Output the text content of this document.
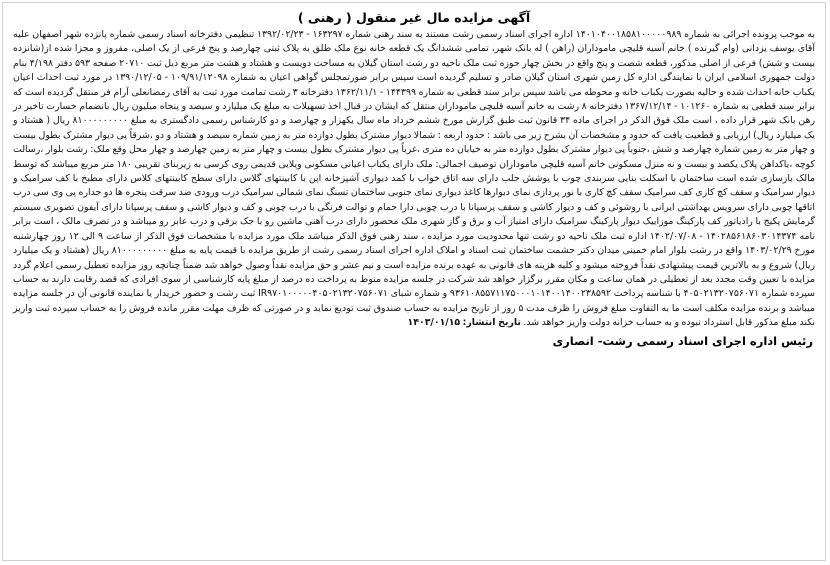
آگهی مزایده مال غیر منقول ( رهنی )
به موجب پرونده اجرائی به شماره ۱۴۰۱۰۴۰۰۱۸۵۸۱۰۰۰۰۰۹۸۹ اداره اجرای اسناد رسمی رشت مستند به سند رهنی شماره ۱۶۳۲۹۷ - ۱۳۹۲/۰۲/۲۳ تنظیمی دفترخانه اسناد رسمی شماره پانزده شهر اصفهان علیه آقای یوسف یزدانی (وام گیرنده ) خانم آسیه قلیچی ماموداران (راهن ) له بانک شهر، تمامی ششدانگ یک قطعه خانه نوع ملک طلق به پلاک ثبتی چهارصد و پنج فرعی از یک اصلی، مفروز و مجزا شده از(شانزده بیست و شش) فرعی از اصلی مذکور، قطعه شصت و پنج واقع در بخش چهار حوزه ثبت ملک ناحیه دو رشت استان گیلان به مساحت دویست و هشتاد و هشت متر مربع ذیل ثبت ۲۰۷۱۰ صفحه ۵۹۳ دفتر ۴/۱۹۸ بنام دولت جمهوری اسلامی ایران با نمایندگی اداره کل زمین شهری استان گیلان صادر و تسلیم گردیده است سپس برابر صورتمجلس گواهی اعیان به شماره ۱۰۹/۹۱/۱۲۰۹۸ - ۱۳۹۰/۱۲/۰۵ در مورد ثبت احداث اعیان یکباب خانه احداث شده و حالیه بصورت یکباب خانه و محوطه می باشد سپس برابر سند قطعی به شماره ۱۴۴۳۹۹ - ۱۳۶۲/۱۱/۱ دفترخانه ۳ رشت تمامت مورد ثبت به آقای رمضانعلی آرام فر منتقل گردیده است که برابر سند قطعی به شماره ۱۰۱۲۶۰ - ۱۳۶۷/۱۲/۱۴ دفترخانه ۸ رشت به خانم آسیه قلیچی ماموداران منتقل که ایشان در قبال اخذ تسهیلات به مبلغ یک میلیارد و سیصد و پنجاه میلیون ریال بانضمام خسارت تاخیر در رهن بانک شهر قرار داده ، است ملک فوق الذکر در اجرای ماده ۳۴ قانون ثبت طبق گزارش مورخ ششم خرداد ماه سال یکهزار و چهارصد و دو کارشناس رسمی دادگستری به مبلغ ۸۱۰۰۰۰۰۰۰۰۰ ریال ( هشتاد و یک میلیارد ریال) ارزیابی و قطعیت یافت که حدود و مشخصات آن بشرح زیر می باشد : حدود اربعه : شمالا دیوار مشترک بطول دوازده متر به زمین شماره سیصد و هشتاد و دو ،شرقاً پی دیوار مشترک بطول بیست و چهار متر به زمین شماره چهارصد و شش ،جنوباً پی دیوار مشترک بطول دوازده متر به خیابان ده متری ،غرباً پی دیوار مشترک بطول بیست و چهار متر به زمین چهارصد و چهار محل وقع ملک: رشت بلوار ،رسالت کوچه ،یاکداهن پلاک یکصد و بیست و نه منزل مسکونی خانم آسیه قلیچی ماموداران توصیف اجمالی: ملک دارای یکباب اعیانی مسکونی ویلایی قدیمی روی کرسی به زیربنای تقریبی ۱۸۰ متر مربع میباشد که توسط مالک بازسازی شده است ساختمان با اسکلت بنایی سربندی چوب با پوشش حلب دارای سه اتاق خواب با کمد دیواری آشپزخانه اپن با کابینتهای گلاس دارای سطح کابینتهای کلاس دارای مطبخ با کف سرامیک و دیوار سرامیک و سقف کچ کاری کف سرامیک سقف کچ کاری با نور پردازی نمای دیوارها کاغذ دیواری نمای جنوبی ساختمان تسنگ نمای شمالی سرامیک درب ورودی ضد سرقت پنجره ها دو جداره پی وی سی درب اتاقها چوبی دارای سرویس بهداشتی ایرانی با روشوئی و کف و دیوار کاشی و سقف پرسپانا با درب چوبی دارا حمام و توالت فرنگی با درب چوبی و کف و دیوار کاشی و سقف پرسپانا دارای آیفون تصویری سیستم گرمایش پکیج با رادیاتور کف پارکینگ موزاییک دیوار پارکینگ سرامیک دارای امتیاز آب و برق و گاز شهری ملک محصور دارای درب آهنی ماشین رو با جک برقی و درب عابر رو میباشد و در تصرف مالک ، است برابر نامه ۱۴۰۲۸۵۶۱۸۶۰۳۰۱۴۳۷۴ - ۱۴۰۲/۰۷/۰۸ اداره ثبت ملک ناحیه دو رشت تنها محدودیت مورد مزایده ، سند رهنی فوق الذکر میباشد ملک مورد مزایده با مشخصات فوق الذکر از ساعت ۹ الی ۱۲ روز چهارشنبه مورخ ۱۴۰۳/۰۲/۲۹ واقع در رشت بلوار امام خمینی میدان دکتر حشمت ساختمان ثبت اسناد و املاک اداره اجرای اسناد رسمی رشت از طریق مزایده با قیمت پایه به مبلغ ۸۱۰۰۰۰۰۰۰۰۰ ریال (هشتاد و یک میلیارد ریال) شروع و به بالاترین قیمت پیشنهادی نقداً فروخته میشود و کلیه هزینه های قانونی به عهده برنده مزایده است و نیم عشر و حق مزایده نقداً وصول خواهد شد ضمناً چنانچه روز مزایده تعطیل رسمی اعلام گردد مزایده با تعیین وقت مجدد بعد از تعطیلی در همان ساعت و مکان مقرر برگزار خواهد شد شرکت در جلسه مزایده منوط به پرداخت ده درصد از مبلغ پایه کارشناسی از سوی افرادی که قصد رقابت دارند به حساب سپرده شماره ۴۰۵۰۲۱۳۲۰۷۵۶۰۷۱ با شناسه پرداخت ۹۳۶۱۰۸۵۵۷۱۱۷۵۰۰۰۱۰۱۴۰۰۱۴۰۰۲۳۸۵۹۲ و شماره شبای IR۹۷۰۱۰۰۰۰۰۴۰۵۰۲۱۳۲۰۷۵۶۰۷۱ ثبت رشت و حضور خریدار یا نماینده قانونی آن در جلسه مزایده میباشد و برنده مزایده مکلف است ما به التفاوت مبلغ فروش را ظرف مدت ۵ روز از تاریخ مزایده به حساب صندوق ثبت تودیع نماید و در صورتی که ظرف مهلت مقرر مانده فروش را به حساب سپرده ثبت واریز نکند مبلغ مذکور قابل استرداد نبوده و به حساب خزانه دولت واریز خواهد شد. تاریخ انتشار: ۱۴۰۳/۰۱/۱۵
رئیس اداره اجرای اسناد رسمی رشت- انصاری
